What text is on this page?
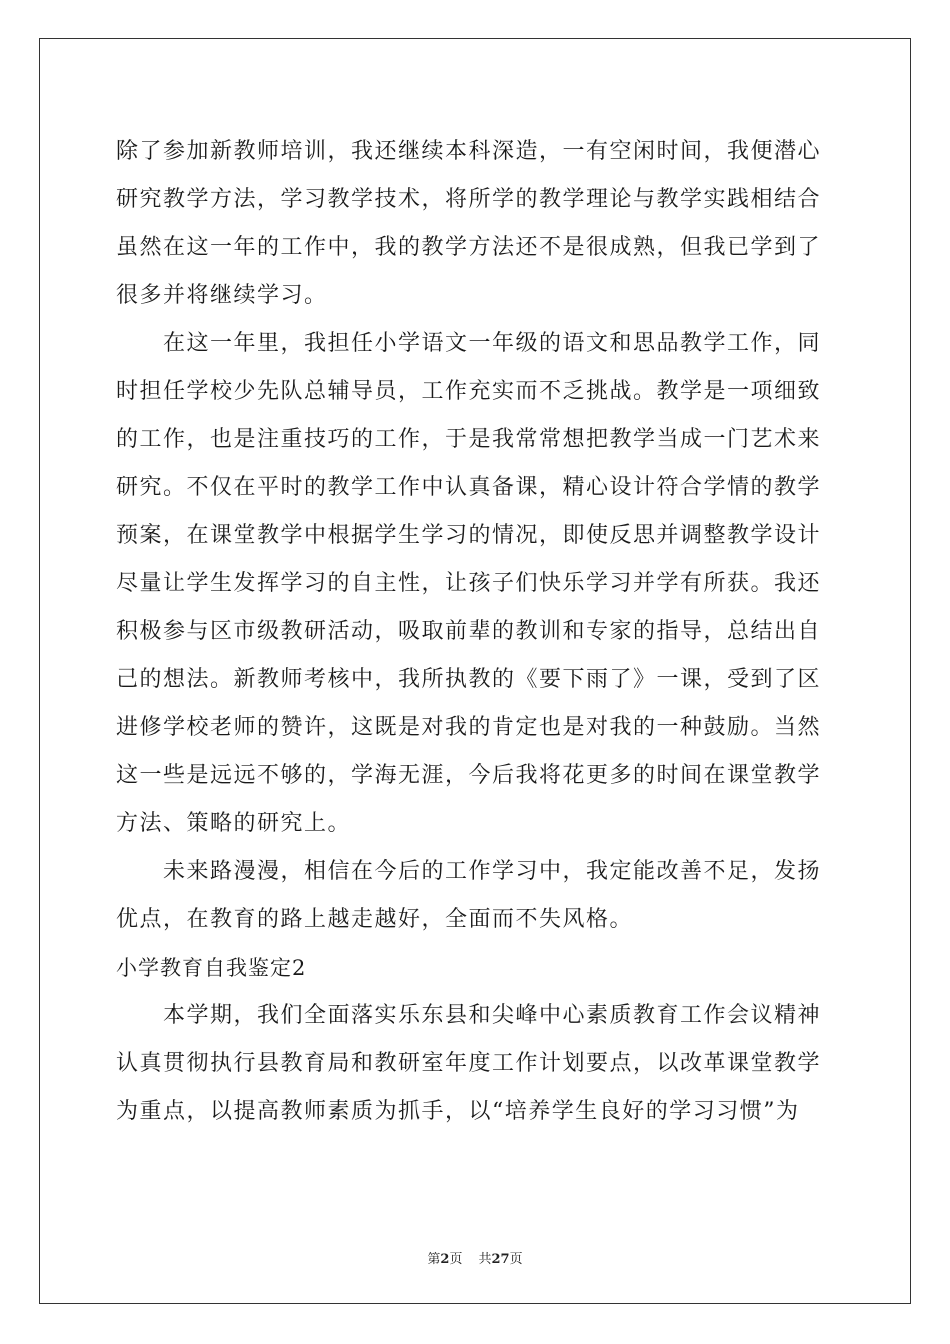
除了参加新教师培训，我还继续本科深造，一有空闲时间，我便潜心
研究教学方法，学习教学技术，将所学的教学理论与教学实践相结合
虽然在这一年的工作中，我的教学方法还不是很成熟，但我已学到了
很多并将继续学习。
　　在这一年里，我担任小学语文一年级的语文和思品教学工作，同
时担任学校少先队总辅导员，工作充实而不乏挑战。教学是一项细致
的工作，也是注重技巧的工作，于是我常常想把教学当成一门艺术来
研究。不仅在平时的教学工作中认真备课，精心设计符合学情的教学
预案，在课堂教学中根据学生学习的情况，即使反思并调整教学设计
尽量让学生发挥学习的自主性，让孩子们快乐学习并学有所获。我还
积极参与区市级教研活动，吸取前辈的教训和专家的指导，总结出自
己的想法。新教师考核中，我所执教的《要下雨了》一课，受到了区
进修学校老师的赞许，这既是对我的肯定也是对我的一种鼓励。当然
这一些是远远不够的，学海无涯，今后我将花更多的时间在课堂教学
方法、策略的研究上。
　　未来路漫漫，相信在今后的工作学习中，我定能改善不足，发扬
优点，在教育的路上越走越好，全面而不失风格。
小学教育自我鉴定2
　　本学期，我们全面落实乐东县和尖峰中心素质教育工作会议精神
认真贯彻执行县教育局和教研室年度工作计划要点，以改革课堂教学
为重点，以提高教师素质为抓手，以“培养学生良好的学习习惯”为
第2页 共27页
